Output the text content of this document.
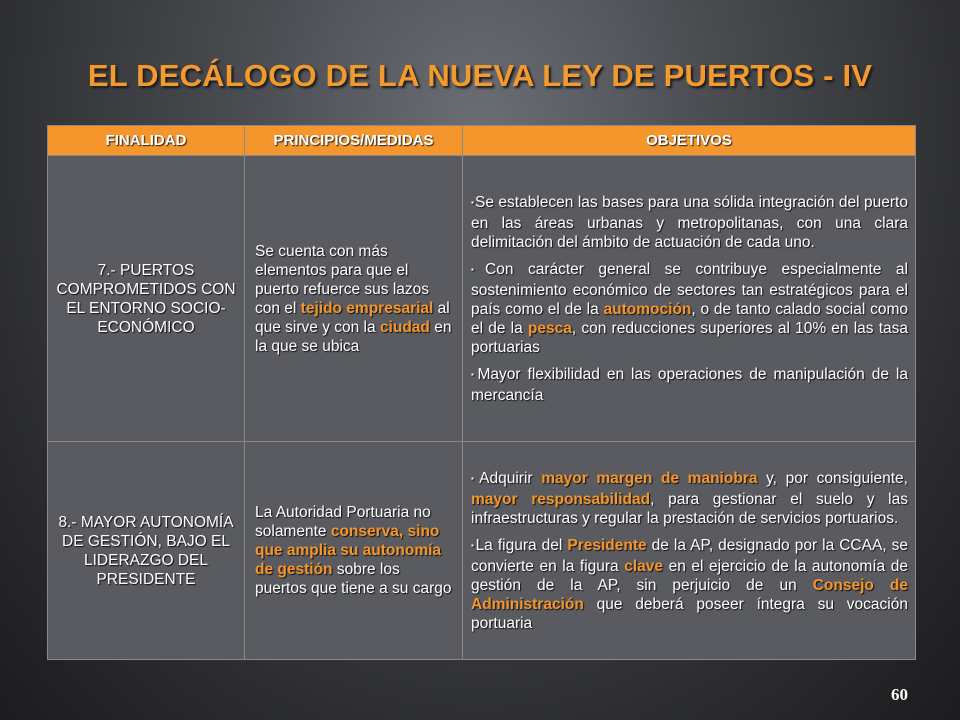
EL DECÁLOGO DE LA NUEVA LEY DE PUERTOS - IV
FINALIDAD	PRINCIPIOS/MEDIDAS	OBJETIVOS
7.- PUERTOS COMPROMETIDOS CON EL ENTORNO SOCIO-ECONÓMICO	Se cuenta con más elementos para que el puerto refuerce sus lazos con el tejido empresarial al que sirve y con la ciudad en la que se ubica	▪Se establecen las bases para una sólida integración del puerto en las áreas urbanas y metropolitanas, con una clara delimitación del ámbito de actuación de cada uno.

▪Con carácter general se contribuye especialmente al sostenimiento económico de sectores tan estratégicos para el país como el de la automoción, o de tanto calado social como el de la pesca, con reducciones superiores al 10% en las tasa portuarias

▪Mayor flexibilidad en las operaciones de manipulación de la mercancía

8.- MAYOR AUTONOMÍA DE GESTIÓN, BAJO EL LIDERAZGO DEL PRESIDENTE	La Autoridad Portuaria no solamente conserva, sino que amplia su autonomía de gestión sobre los puertos que tiene a su cargo	▪Adquirir mayor margen de maniobra y, por consiguiente, mayor responsabilidad, para gestionar el suelo y las infraestructuras y regular la prestación de servicios portuarios.

▪La figura del Presidente de la AP, designado por la CCAA, se convierte en la figura clave en el ejercicio de la autonomía de gestión de la AP, sin perjuicio de un Consejo de Administración que deberá poseer íntegra su vocación portuaria

60
